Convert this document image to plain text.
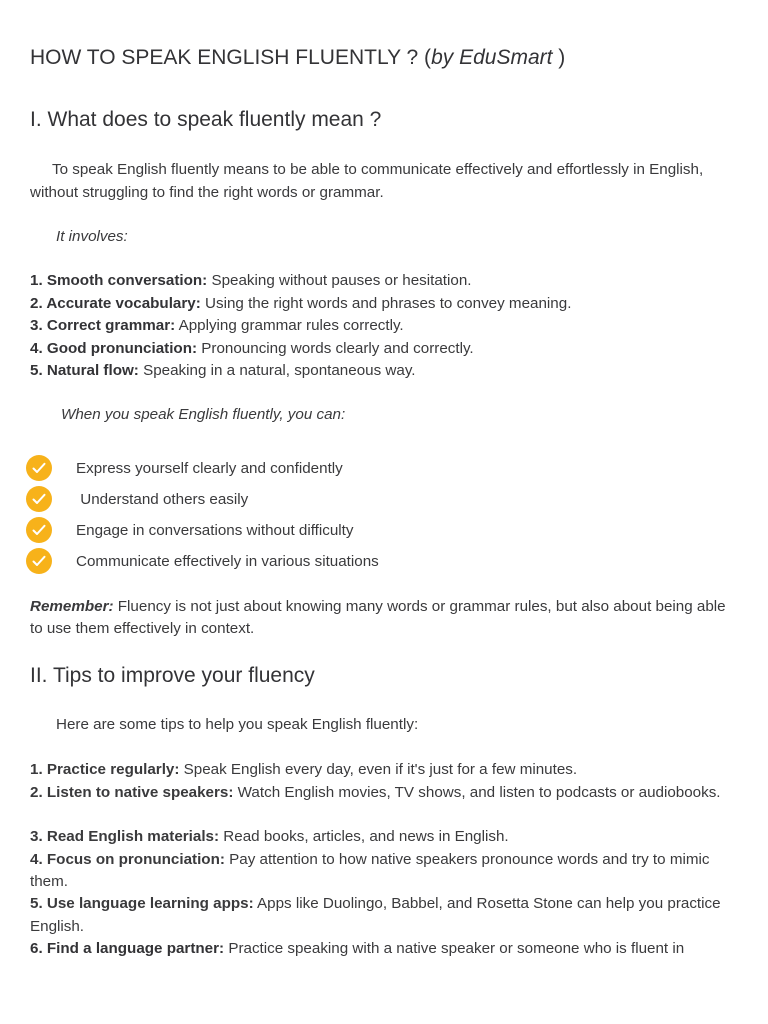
HOW TO SPEAK ENGLISH FLUENTLY ? (by EduSmart )
I. What does to speak fluently mean ?
To speak English fluently means to be able to communicate effectively and effortlessly in English, without struggling to find the right words or grammar.
It involves:
1. Smooth conversation: Speaking without pauses or hesitation.
2. Accurate vocabulary: Using the right words and phrases to convey meaning.
3. Correct grammar: Applying grammar rules correctly.
4. Good pronunciation: Pronouncing words clearly and correctly.
5. Natural flow: Speaking in a natural, spontaneous way.
When you speak English fluently, you can:
Express yourself clearly and confidently
Understand others easily
Engage in conversations without difficulty
Communicate effectively in various situations
Remember: Fluency is not just about knowing many words or grammar rules, but also about being able to use them effectively in context.
II. Tips to improve your fluency
Here are some tips to help you speak English fluently:
1. Practice regularly: Speak English every day, even if it's just for a few minutes.
2. Listen to native speakers: Watch English movies, TV shows, and listen to podcasts or audiobooks.
3. Read English materials: Read books, articles, and news in English.
4. Focus on pronunciation: Pay attention to how native speakers pronounce words and try to mimic them.
5. Use language learning apps: Apps like Duolingo, Babbel, and Rosetta Stone can help you practice English.
6. Find a language partner: Practice speaking with a native speaker or someone who is fluent in
